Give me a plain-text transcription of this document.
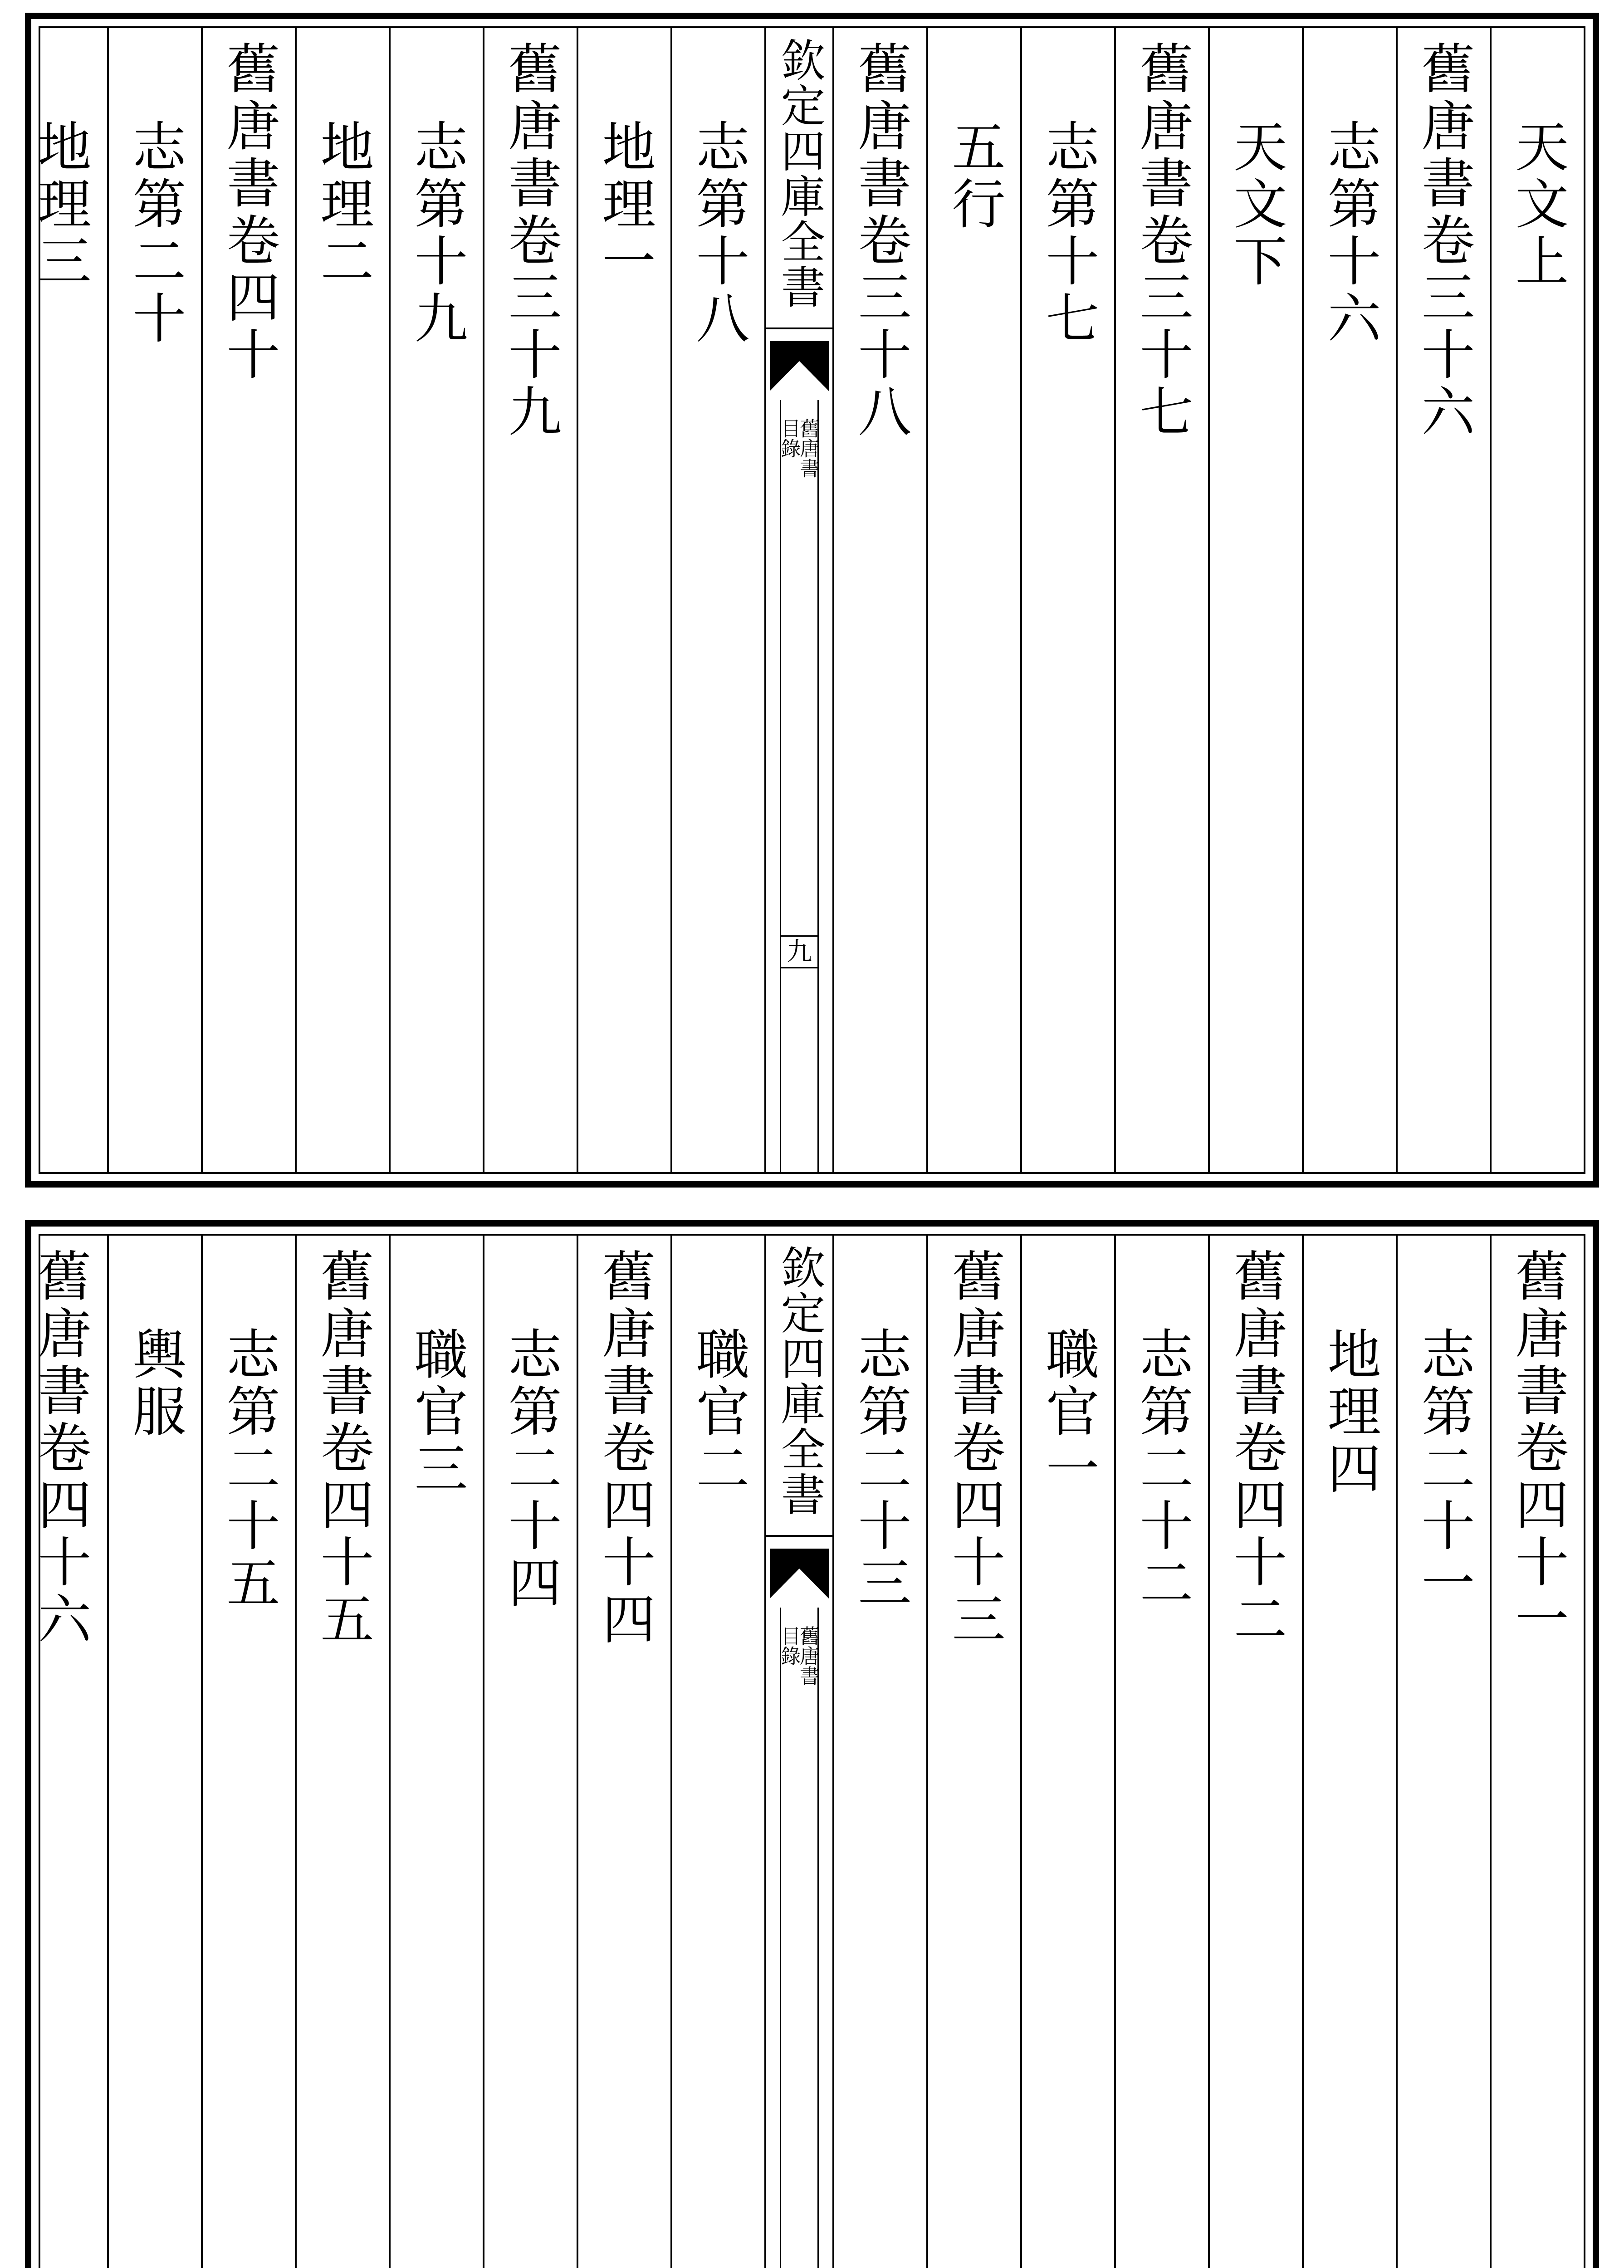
天文上
舊唐書卷三十六
志第十六
天文下
舊唐書卷三十七
志第十七
五行
舊唐書卷三十八
欽定四庫全書
舊唐書
目錄
九
志第十八
地理一
舊唐書卷三十九
志第十九
地理二
舊唐書卷四十
志第二十
地理三
舊唐書卷四十一
志第二十一
地理四
舊唐書卷四十二
志第二十二
職官一
舊唐書卷四十三
志第二十三
欽定四庫全書
舊唐書
目錄
職官二
舊唐書卷四十四
志第二十四
職官三
舊唐書卷四十五
志第二十五
輿服
舊唐書卷四十六
